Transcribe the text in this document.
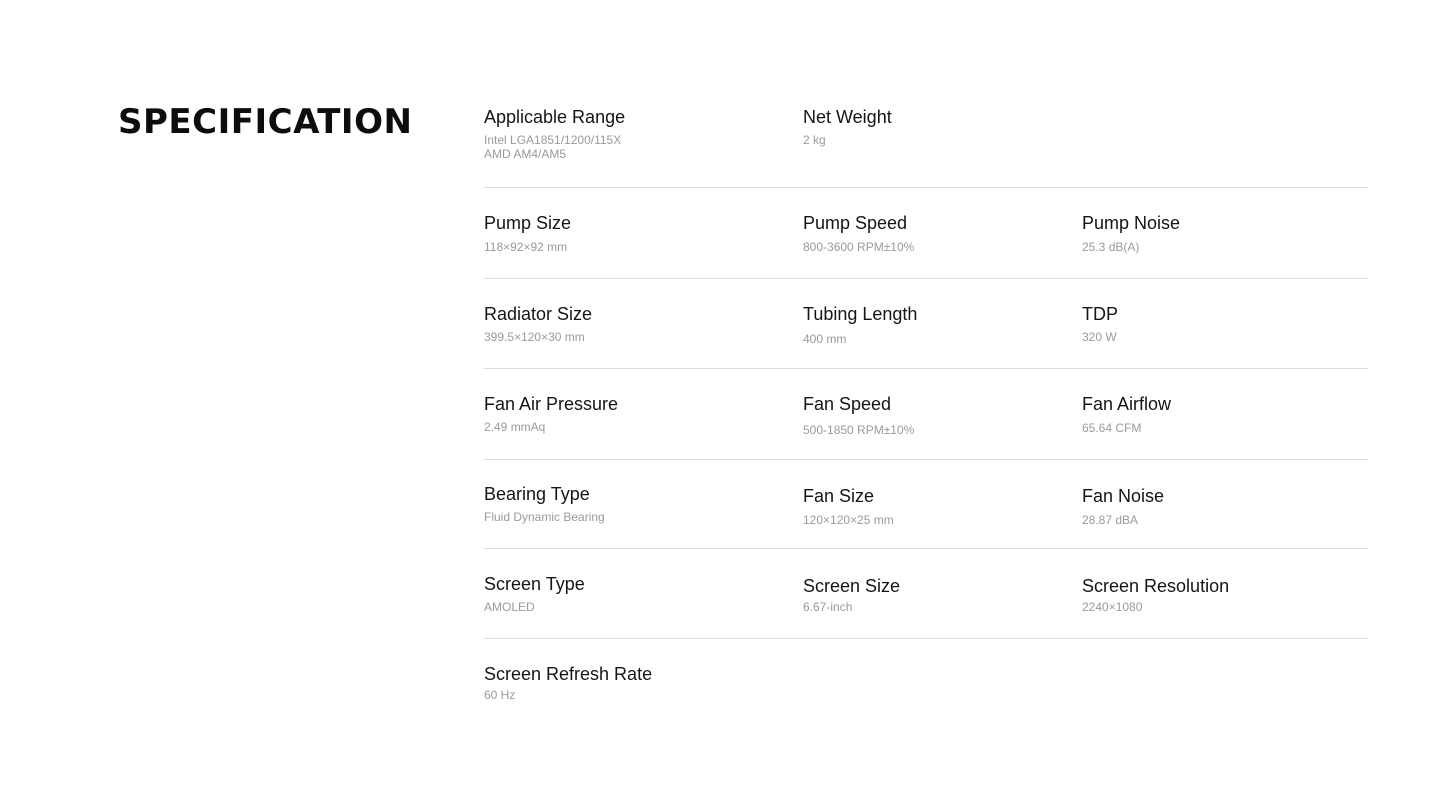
SPECIFICATION	Applicable Range
Intel LGA1851/1200/115X
AMD AM4/AM5
Net Weight
2 kg
Pump Size
118×92×92 mm
Pump Speed
800-3600 RPM±10%
Pump Noise
25.3 dB(A)
Radiator Size
399.5×120×30 mm
Tubing Length
400 mm
TDP
320 W
Fan Air Pressure
2.49 mmAq
Fan Speed
500-1850 RPM±10%
Fan Airflow
65.64 CFM
Bearing Type
Fluid Dynamic Bearing
Fan Size
120×120×25 mm
Fan Noise
28.87 dBA
Screen Type
AMOLED
Screen Size
6.67-inch
Screen Resolution
2240×1080
Screen Refresh Rate
60 Hz
